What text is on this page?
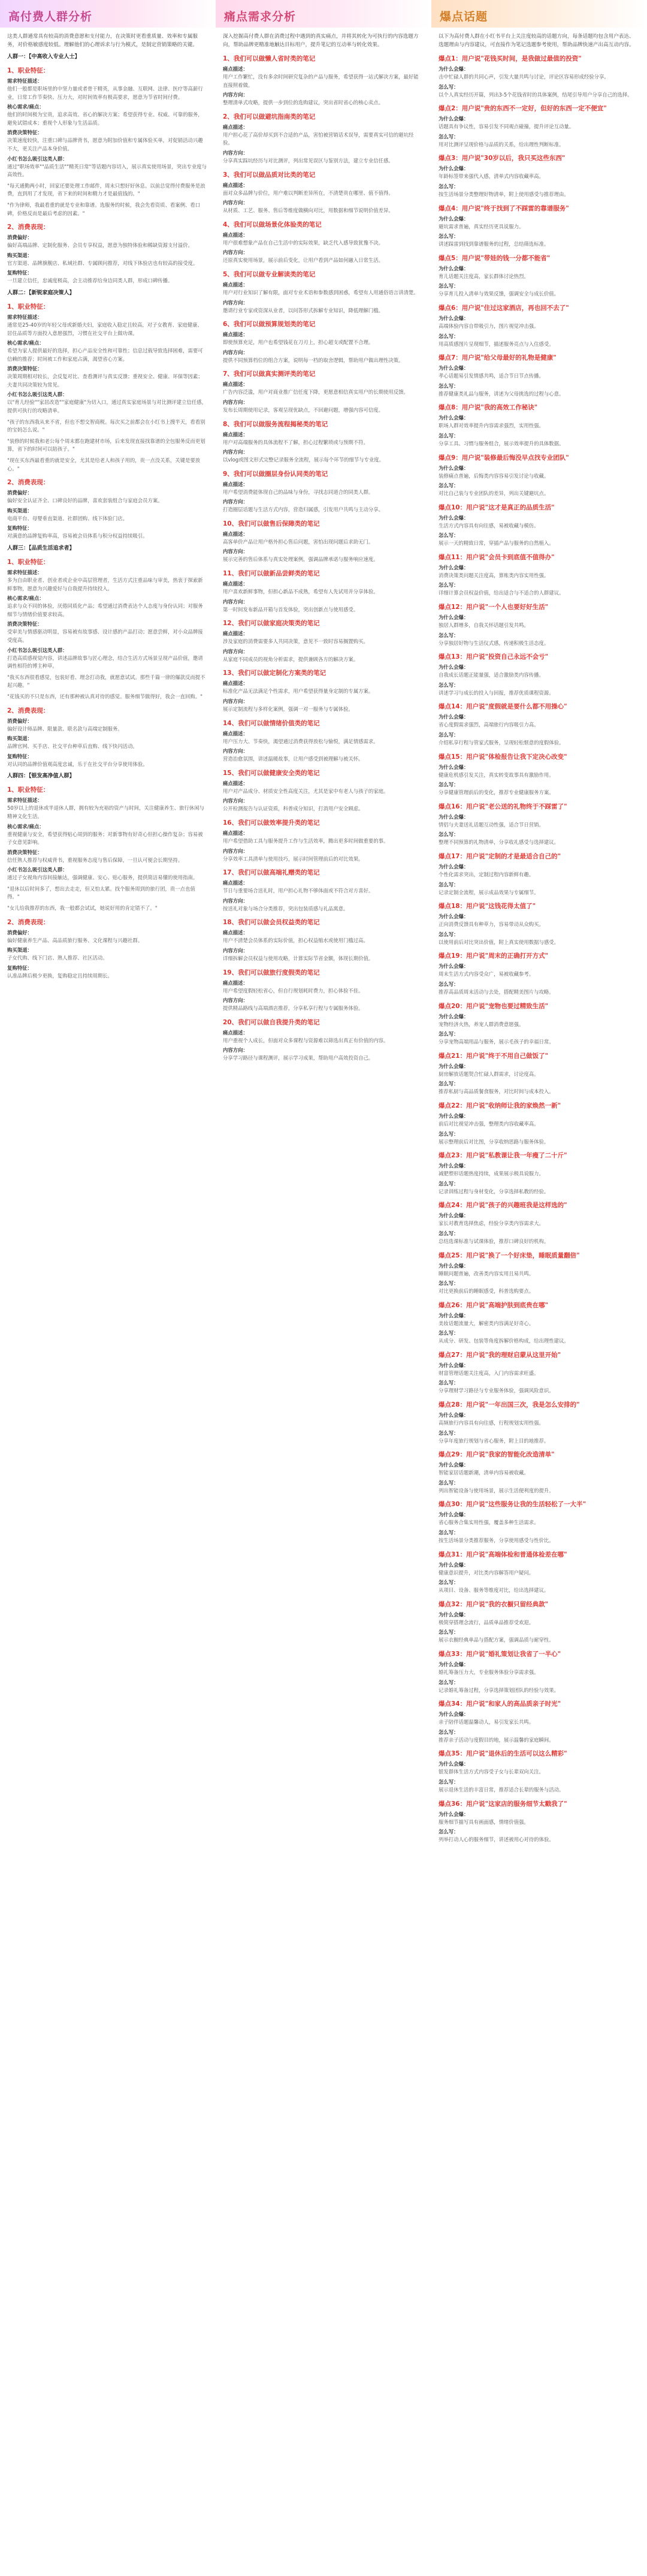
高付费人群分析
这类人群通常具有较高的消费意愿和支付能力，在决策时更看重质量、效率和专属服务，对价格敏感度较低。理解他们的心理诉求与行为模式，是制定营销策略的关键。
人群一：【中高收入专业人士】
1、职业特征：
需求特征描述：
他们一般都是职场里的中坚力量或者骨干精英，从事金融、互联网、法律、医疗等高薪行业，日常工作节奏快、压力大，对时间效率有极高要求，愿意为节省时间付费。
核心需求/痛点：
他们的时间极为宝贵，追求高效、省心的解决方案；希望获得专业、权威、可靠的服务，避免试错成本；重视个人形象与生活品质。
消费决策特征：
决策速度较快，注重口碑与品牌背书，愿意为附加价值和专属体验买单，对促销活动兴趣不大，更关注产品本身价值。
小红书怎么吸引这类人群：
通过"职场效率""品质生活""精英日常"等话题内容切入，展示真实使用场景，突出专业度与高效性。
"每天通勤两小时，回家还要处理工作邮件，周末只想好好休息。以前总觉得付费服务是浪费，直到用了才发现，省下来的时间和精力才是最值钱的。"
"作为律师，我最看重的就是专业和靠谱。选服务的时候，我会先看资质、看案例、看口碑，价格反而是最后考虑的因素。"
2、消费表现：
消费偏好：
偏好高端品牌、定制化服务、会员专享权益，愿意为独特体验和稀缺资源支付溢价。
购买渠道：
官方渠道、品牌旗舰店、私域社群、专属顾问推荐，对线下体验店也有较高的接受度。
复购特征：
一旦建立信任，忠诚度极高，会主动推荐给身边同类人群，形成口碑传播。
人群二：【新锐家庭决策人】
1、职业特征：
需求特征描述：
通常是25-40岁的年轻父母或新婚夫妇，家庭收入稳定且较高，对子女教育、家庭健康、居住品质等方面投入意愿强烈，习惯在社交平台上做功课。
核心需求/痛点：
希望为家人提供最好的选择，担心产品安全性和可靠性；信息过载导致选择困难，需要可信赖的推荐；时间被工作和家庭占满，渴望省心方案。
消费决策特征：
决策周期相对较长，会反复对比、查看测评与真实反馈；重视安全、健康、环保等因素；夫妻共同决策较为常见。
小红书怎么吸引这类人群：
以"育儿经验""家居改造""家庭健康"为切入口，通过真实家庭场景与对比测评建立信任感，提供可执行的攻略清单。
"孩子的东西我从来不省，但也不想交智商税。每次买之前都会在小红书上搜半天，看看别的宝妈怎么说。"
"装修的时候我和老公每个周末都在跑建材市场，后来发现直接找靠谱的全包服务反而更划算，省下的时间可以陪孩子。"
"现在买东西最看重的就是安全，尤其是给老人和孩子用的，贵一点没关系，关键是要放心。"
2、消费表现：
消费偏好：
偏好安全认证齐全、口碑良好的品牌，喜欢套装组合与家庭会员方案。
购买渠道：
电商平台、母婴垂直渠道、社群团购、线下体验门店。
复购特征：
对满意的品牌复购率高，容易被会员体系与积分权益持续吸引。
人群三：【品质生活追求者】
1、职业特征：
需求特征描述：
多为自由职业者、创业者或企业中高层管理者，生活方式注重品味与审美，热衷于探索新鲜事物，愿意为兴趣爱好与自我提升持续投入。
核心需求/痛点：
追求与众不同的体验，厌倦同质化产品；希望通过消费表达个人态度与身份认同；对服务细节与情绪价值要求较高。
消费决策特征：
受审美与情感驱动明显，容易被有故事感、设计感的产品打动；愿意尝鲜，对小众品牌接受度高。
小红书怎么吸引这类人群：
打造高质感视觉内容，讲述品牌故事与匠心理念，结合生活方式场景呈现产品价值，邀请调性相符的博主种草。
"我买东西很看感觉，包装好看、理念打动我，就愿意试试。那些千篇一律的爆款反而提不起兴趣。"
"花钱买的不只是东西，还有那种被认真对待的感觉。服务细节做得好，我会一直回购。"
2、消费表现：
消费偏好：
偏好设计师品牌、限量款、联名款与高端定制服务。
购买渠道：
品牌官网、买手店、社交平台种草后直购、线下快闪活动。
复购特征：
对认同的品牌价值观高度忠诚，乐于在社交平台分享使用体验。
人群四：【银发高净值人群】
1、职业特征：
需求特征描述：
50岁以上的退休或半退休人群，拥有较为充裕的资产与时间，关注健康养生、旅行休闲与精神文化生活。
核心需求/痛点：
重视健康与安全，希望获得贴心周到的服务；对新事物有好奇心但担心操作复杂；容易被子女意见影响。
消费决策特征：
信任熟人推荐与权威背书，重视服务态度与售后保障，一旦认可便会长期坚持。
小红书怎么吸引这类人群：
通过子女视角内容间接触达，强调健康、安心、贴心服务，提供简洁易懂的使用指南。
"退休以后时间多了，想出去走走，但又怕太累。找个服务周到的旅行团，贵一点也值得。"
"女儿给我推荐的东西，我一般都会试试，她说好用的肯定错不了。"
2、消费表现：
消费偏好：
偏好健康养生产品、高品质旅行服务、文化课程与兴趣社群。
购买渠道：
子女代购、线下门店、熟人推荐、社区活动。
复购特征：
认准品牌后极少更换，复购稳定且持续周期长。
痛点需求分析
深入挖掘高付费人群在消费过程中遇到的真实痛点，并将其转化为可执行的内容选题方向，帮助品牌更精准地触达目标用户，提升笔记的互动率与转化效果。
1、我们可以做懒人省时类的笔记
痛点描述：
用户工作繁忙，没有多余时间研究复杂的产品与服务，希望获得一站式解决方案，最好能直接照着做。
内容方向：
整理清单式攻略，提供一步到位的选购建议，突出省时省心的核心卖点。
2、我们可以做避坑指南类的笔记
痛点描述：
用户担心花了高价却买到不合适的产品，害怕被营销话术误导，需要真实可信的避坑经验。
内容方向：
分享真实踩坑经历与对比测评，列出常见误区与鉴别方法，建立专业信任感。
3、我们可以做品质对比类的笔记
痛点描述：
面对众多品牌与价位，用户难以判断差异所在，不清楚贵在哪里、值不值得。
内容方向：
从材质、工艺、服务、售后等维度做横向对比，用数据和细节说明价值差异。
4、我们可以做场景化体验类的笔记
痛点描述：
用户很难想象产品在自己生活中的实际效果，缺乏代入感导致犹豫不决。
内容方向：
还原真实使用场景，展示前后变化，让用户看到产品如何融入日常生活。
5、我们可以做专业解读类的笔记
痛点描述：
用户对行业知识了解有限，面对专业术语和参数感到困惑，希望有人用通俗语言讲清楚。
内容方向：
邀请行业专家或资深从业者，以问答形式拆解专业知识，降低理解门槛。
6、我们可以做预算规划类的笔记
痛点描述：
即使预算充足，用户也希望钱花在刀刃上，担心超支或配置不合理。
内容方向：
提供不同预算档位的组合方案，说明每一档的取舍逻辑，帮助用户做出理性决策。
7、我们可以做真实测评类的笔记
痛点描述：
广告内容泛滥，用户对商业推广信任度下降，更愿意相信真实用户的长期使用反馈。
内容方向：
发布长周期使用记录，客观呈现优缺点，不回避问题，增强内容可信度。
8、我们可以做服务流程揭秘类的笔记
痛点描述：
用户对高端服务的具体流程不了解，担心过程繁琐或与预期不符。
内容方向：
以vlog或图文形式完整记录服务全流程，展示每个环节的细节与专业度。
9、我们可以做圈层身份认同类的笔记
痛点描述：
用户希望消费能体现自己的品味与身份，寻找志同道合的同类人群。
内容方向：
打造圈层话题与生活方式内容，营造归属感，引发用户共鸣与主动分享。
10、我们可以做售后保障类的笔记
痛点描述：
高客单价产品让用户格外担心售后问题，害怕出现问题后求助无门。
内容方向：
展示完善的售后体系与真实处理案例，强调品牌承诺与服务响应速度。
11、我们可以做新品尝鲜类的笔记
痛点描述：
用户喜欢新鲜事物，但担心新品不成熟，希望有人先试用并分享体验。
内容方向：
第一时间发布新品开箱与首发体验，突出创新点与使用感受。
12、我们可以做家庭决策类的笔记
痛点描述：
涉及家庭的消费需要多人共同决策，意见不一致时容易搁置购买。
内容方向：
从家庭不同成员的视角分析需求，提供兼顾各方的解决方案。
13、我们可以做定制化方案类的笔记
痛点描述：
标准化产品无法满足个性需求，用户希望获得量身定制的专属方案。
内容方向：
展示定制流程与多样化案例，强调一对一服务与专属体验。
14、我们可以做情绪价值类的笔记
痛点描述：
用户压力大、节奏快，渴望通过消费获得放松与愉悦，满足情感需求。
内容方向：
营造治愈氛围，讲述温暖故事，让用户感受到被理解与被关怀。
15、我们可以做健康安全类的笔记
痛点描述：
用户对产品成分、材质安全性高度关注，尤其是家中有老人与孩子的家庭。
内容方向：
公开检测报告与认证资质，科普成分知识，打消用户安全顾虑。
16、我们可以做效率提升类的笔记
痛点描述：
用户希望借助工具与服务提升工作与生活效率，腾出更多时间做重要的事。
内容方向：
分享效率工具清单与使用技巧，展示时间管理前后的对比效果。
17、我们可以做高端礼赠类的笔记
痛点描述：
节日与重要场合送礼时，用户担心礼物不够体面或不符合对方喜好。
内容方向：
按送礼对象与场合分类推荐，突出包装质感与礼品寓意。
18、我们可以做会员权益类的笔记
痛点描述：
用户不清楚会员体系的实际价值，担心权益缩水或使用门槛过高。
内容方向：
详细拆解会员权益与使用攻略，计算实际节省金额，体现长期价值。
19、我们可以做旅行度假类的笔记
痛点描述：
用户希望度假轻松省心，但自行规划耗时费力，担心体验不佳。
内容方向：
提供精品路线与高端酒店推荐，分享私享行程与专属服务体验。
20、我们可以做自我提升类的笔记
痛点描述：
用户重视个人成长，但面对众多课程与资源难以筛选出真正有价值的内容。
内容方向：
分享学习路径与课程测评，展示学习成果，帮助用户高效投资自己。
爆点话题
以下为高付费人群在小红书平台上关注度较高的话题方向，每条话题均包含用户表达、选题理由与内容建议，可直接作为笔记选题参考使用，帮助品牌快速产出高互动内容。
爆点1：用户说"花钱买时间，是我做过最值的投资"
为什么会爆：
击中忙碌人群的共同心声，引发大量共鸣与讨论，评论区容易形成经验分享。
怎么写：
以个人真实经历开篇，列出3-5个花钱省时的具体案例，结尾引导用户分享自己的选择。
爆点2：用户说"贵的东西不一定好，但好的东西一定不便宜"
为什么会爆：
话题具有争议性，容易引发不同观点碰撞，提升评论互动量。
怎么写：
用对比测评呈现价格与品质的关系，给出理性判断标准。
爆点3：用户说"30岁以后，我只买这些东西"
为什么会爆：
年龄标签带来强代入感，清单式内容收藏率高。
怎么写：
按生活场景分类整理好物清单，附上使用感受与推荐理由。
爆点4：用户说"终于找到了不踩雷的靠谱服务"
为什么会爆：
避坑需求普遍，真实经历更具说服力。
怎么写：
讲述踩雷到找到靠谱服务的过程，总结筛选标准。
爆点5：用户说"带娃的钱一分都不能省"
为什么会爆：
育儿话题关注度高，家长群体讨论热烈。
怎么写：
分享育儿投入清单与效果反馈，强调安全与成长价值。
爆点6：用户说"住过这家酒店，再也回不去了"
为什么会爆：
高端体验内容自带吸引力，图片视觉冲击强。
怎么写：
用高质感图片呈现细节，描述服务亮点与入住感受。
爆点7：用户说"给父母最好的礼物是健康"
为什么会爆：
孝心话题易引发情感共鸣，适合节日节点传播。
怎么写：
推荐健康类礼品与服务，讲述为父母挑选的过程与心意。
爆点8：用户说"我的高效工作秘诀"
为什么会爆：
职场人群对效率提升内容需求强烈，实用性强。
怎么写：
分享工具、习惯与服务组合，展示效率提升的具体数据。
爆点9：用户说"装修最后悔没早点找专业团队"
为什么会爆：
装修痛点普遍，后悔类内容容易引发讨论与收藏。
怎么写：
对比自己装与专业团队的差异，列出关键避坑点。
爆点10：用户说"这才是真正的品质生活"
为什么会爆：
生活方式内容具有向往感，易被收藏与模仿。
怎么写：
展示一天的精致日常，穿插产品与服务的自然植入。
爆点11：用户说"会员卡到底值不值得办"
为什么会爆：
消费决策类问题关注度高，算账类内容实用性强。
怎么写：
详细计算会员权益价值，给出适合与不适合的人群建议。
爆点12：用户说"一个人也要好好生活"
为什么会爆：
独居人群增多，自我关怀话题引发共鸣。
怎么写：
分享独居好物与生活仪式感，传递积极生活态度。
爆点13：用户说"投资自己永远不会亏"
为什么会爆：
自我成长话题正能量强，适合激励类内容传播。
怎么写：
讲述学习与成长的投入与回报，推荐优质课程资源。
爆点14：用户说"度假就是要什么都不用操心"
为什么会爆：
省心度假需求强烈，高端旅行内容吸引力高。
怎么写：
介绍私享行程与管家式服务，呈现轻松惬意的度假体验。
爆点15：用户说"体检报告让我下定决心改变"
为什么会爆：
健康危机感引发关注，真实转变故事具有激励作用。
怎么写：
分享健康管理前后的变化，推荐专业健康服务方案。
爆点16：用户说"老公送的礼物终于不踩雷了"
为什么会爆：
情侣与夫妻送礼话题互动性强，适合节日营销。
怎么写：
整理不同预算的礼物清单，分享收礼感受与选择建议。
爆点17：用户说"定制的才是最适合自己的"
为什么会爆：
个性化需求突出，定制过程内容新鲜有趣。
怎么写：
记录定制全流程，展示成品效果与专属细节。
爆点18：用户说"这钱花得太值了"
为什么会爆：
正向消费反馈具有种草力，容易带动从众购买。
怎么写：
以使用前后对比突出价值，附上真实使用数据与感受。
爆点19：用户说"周末的正确打开方式"
为什么会爆：
周末生活方式内容受众广，易被收藏参考。
怎么写：
推荐高品质周末活动与去处，搭配精美图片与攻略。
爆点20：用户说"宠物也要过精致生活"
为什么会爆：
宠物经济火热，养宠人群消费意愿强。
怎么写：
分享宠物高端用品与服务，展示毛孩子的幸福日常。
爆点21：用户说"终于不用自己做饭了"
为什么会爆：
厨房解放话题契合忙碌人群需求，讨论度高。
怎么写：
推荐私厨与高品质餐食服务，对比时间与成本投入。
爆点22：用户说"收纳师让我的家焕然一新"
为什么会爆：
前后对比视觉冲击强，整理类内容收藏率高。
怎么写：
展示整理前后对比图，分享收纳思路与服务体验。
爆点23：用户说"私教课让我一年瘦了二十斤"
为什么会爆：
减肥塑形话题热度持续，成果展示极具说服力。
怎么写：
记录训练过程与身材变化，分享选择私教的经验。
爆点24：用户说"孩子的兴趣班我是这样选的"
为什么会爆：
家长对教育选择焦虑，经验分享类内容需求大。
怎么写：
总结选课标准与试课体验，推荐口碑良好的机构。
爆点25：用户说"换了一个好床垫，睡眠质量翻倍"
为什么会爆：
睡眠问题普遍，改善类内容实用且易共鸣。
怎么写：
对比更换前后的睡眠感受，科普选购要点。
爆点26：用户说"高端护肤到底贵在哪"
为什么会爆：
美妆话题流量大，解密类内容满足好奇心。
怎么写：
从成分、研发、包装等角度拆解价格构成，给出理性建议。
爆点27：用户说"我的理财启蒙从这里开始"
为什么会爆：
财富管理话题关注度高，入门内容需求旺盛。
怎么写：
分享理财学习路径与专业服务体验，强调风险意识。
爆点28：用户说"一年出国三次，我是怎么安排的"
为什么会爆：
高频旅行内容具有向往感，行程规划实用性强。
怎么写：
分享年度旅行规划与省心服务，附上目的地推荐。
爆点29：用户说"我家的智能化改造清单"
为什么会爆：
智能家居话题新潮，清单内容易被收藏。
怎么写：
列出智能设备与使用场景，展示生活便利度的提升。
爆点30：用户说"这些服务让我的生活轻松了一大半"
为什么会爆：
省心服务合集实用性强，覆盖多种生活需求。
怎么写：
按生活场景分类推荐服务，分享使用感受与性价比。
爆点31：用户说"高端体检和普通体检差在哪"
为什么会爆：
健康意识提升，对比类内容解答用户疑问。
怎么写：
从项目、设备、服务等维度对比，给出选择建议。
爆点32：用户说"我的衣橱只留经典款"
为什么会爆：
极简穿搭理念流行，品质单品推荐受欢迎。
怎么写：
展示衣橱经典单品与搭配方案，强调品质与耐穿性。
爆点33：用户说"婚礼策划让我省了一半心"
为什么会爆：
婚礼筹备压力大，专业服务体验分享需求强。
怎么写：
记录婚礼筹备过程，分享选择策划团队的经验与效果。
爆点34：用户说"和家人的高品质亲子时光"
为什么会爆：
亲子陪伴话题温馨动人，易引发家长共鸣。
怎么写：
推荐亲子活动与度假目的地，展示温馨的家庭瞬间。
爆点35：用户说"退休后的生活可以这么精彩"
为什么会爆：
银发群体生活方式内容受子女与长辈双向关注。
怎么写：
展示退休生活的丰富日常，推荐适合长辈的服务与活动。
爆点36：用户说"这家店的服务细节太戳我了"
为什么会爆：
服务细节描写具有画面感，情绪价值强。
怎么写：
列举打动人心的服务细节，讲述被用心对待的体验。
